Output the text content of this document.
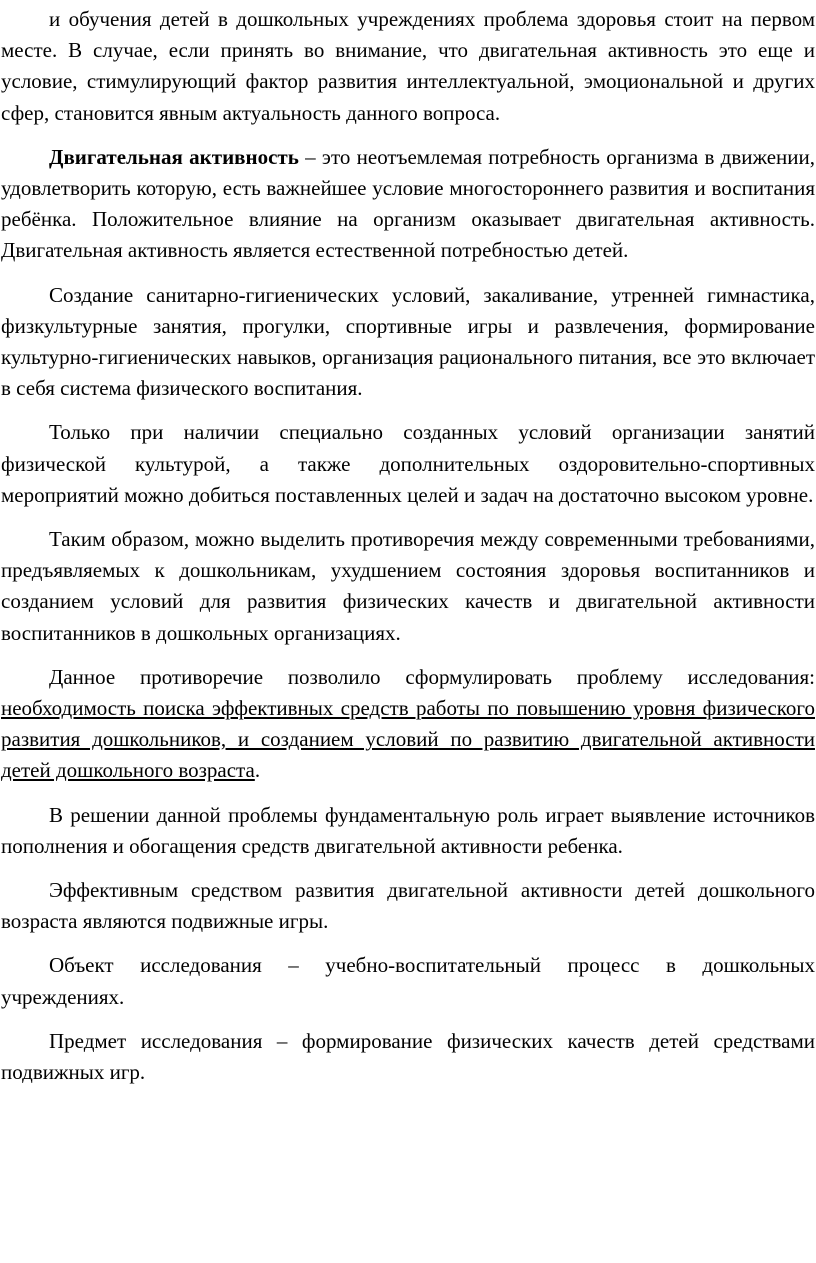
и обучения детей в дошкольных учреждениях проблема здоровья стоит на первом месте. В случае, если принять во внимание, что двигательная активность это еще и условие, стимулирующий фактор развития интеллектуальной, эмоциональной и других сфер, становится явным актуальность данного вопроса.

Двигательная активность – это неотъемлемая потребность организма в движении, удовлетворить которую, есть важнейшее условие многостороннего развития и воспитания ребёнка. Положительное влияние на организм оказывает двигательная активность. Двигательная активность является естественной потребностью детей.

Создание санитарно-гигиенических условий, закаливание, утренней гимнастика, физкультурные занятия, прогулки, спортивные игры и развлечения, формирование культурно-гигиенических навыков, организация рационального питания, все это включает в себя система физического воспитания.

Только при наличии специально созданных условий организации занятий физической культурой, а также дополнительных оздоровительно-спортивных мероприятий можно добиться поставленных целей и задач на достаточно высоком уровне.

Таким образом, можно выделить противоречия между современными требованиями, предъявляемых к дошкольникам, ухудшением состояния здоровья воспитанников и созданием условий для развития физических качеств и двигательной активности воспитанников в дошкольных организациях.

Данное противоречие позволило сформулировать проблему исследования: необходимость поиска эффективных средств работы по повышению уровня физического развития дошкольников, и созданием условий по развитию двигательной активности детей дошкольного возраста.

В решении данной проблемы фундаментальную роль играет выявление источников пополнения и обогащения средств двигательной активности ребенка.

Эффективным средством развития двигательной активности детей дошкольного возраста являются подвижные игры.

Объект исследования – учебно-воспитательный процесс в дошкольных учреждениях.

Предмет исследования – формирование физических качеств детей средствами подвижных игр.
